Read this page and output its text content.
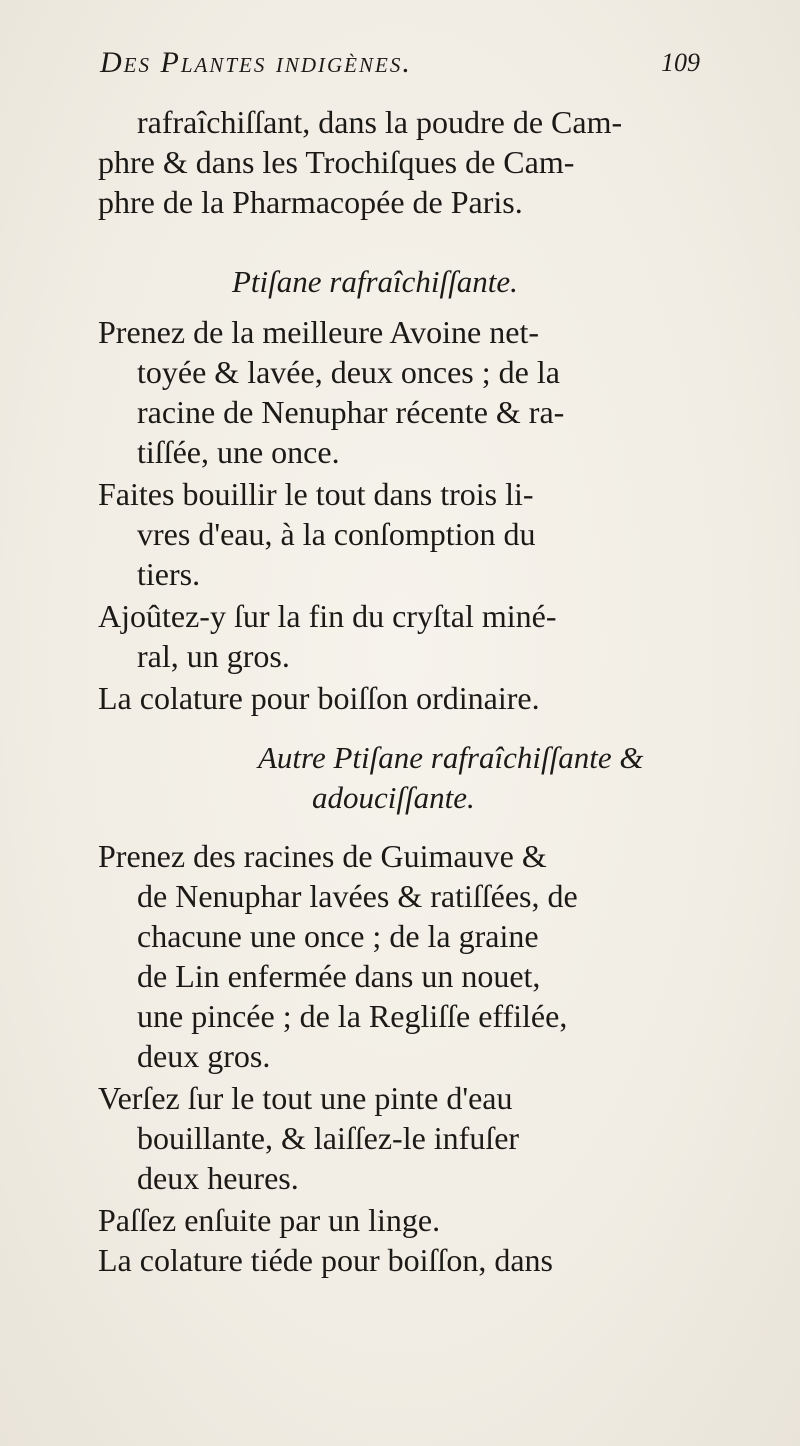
Des Plantes indigènes.	109
rafraîchiſſant, dans la poudre de Cam-
phre & dans les Trochiſques de Cam-
phre de la Pharmacopée de Paris.
Ptiſane rafraîchiſſante.
Prenez de la meilleure Avoine net-
toyée & lavée, deux onces ; de la
racine de Nenuphar récente & ra-
tiſſée, une once.
Faites bouillir le tout dans trois li-
vres d'eau, à la conſomption du
tiers.
Ajoûtez-y ſur la fin du cryſtal miné-
ral, un gros.
La colature pour boiſſon ordinaire.
Autre Ptiſane rafraîchiſſante &
adouciſſante.
Prenez des racines de Guimauve &
de Nenuphar lavées & ratiſſées, de
chacune une once ; de la graine
de Lin enfermée dans un nouet,
une pincée ; de la Regliſſe effilée,
deux gros.
Verſez ſur le tout une pinte d'eau
bouillante, & laiſſez-le infuſer
deux heures.
Paſſez enſuite par un linge.
La colature tiéde pour boiſſon, dans
